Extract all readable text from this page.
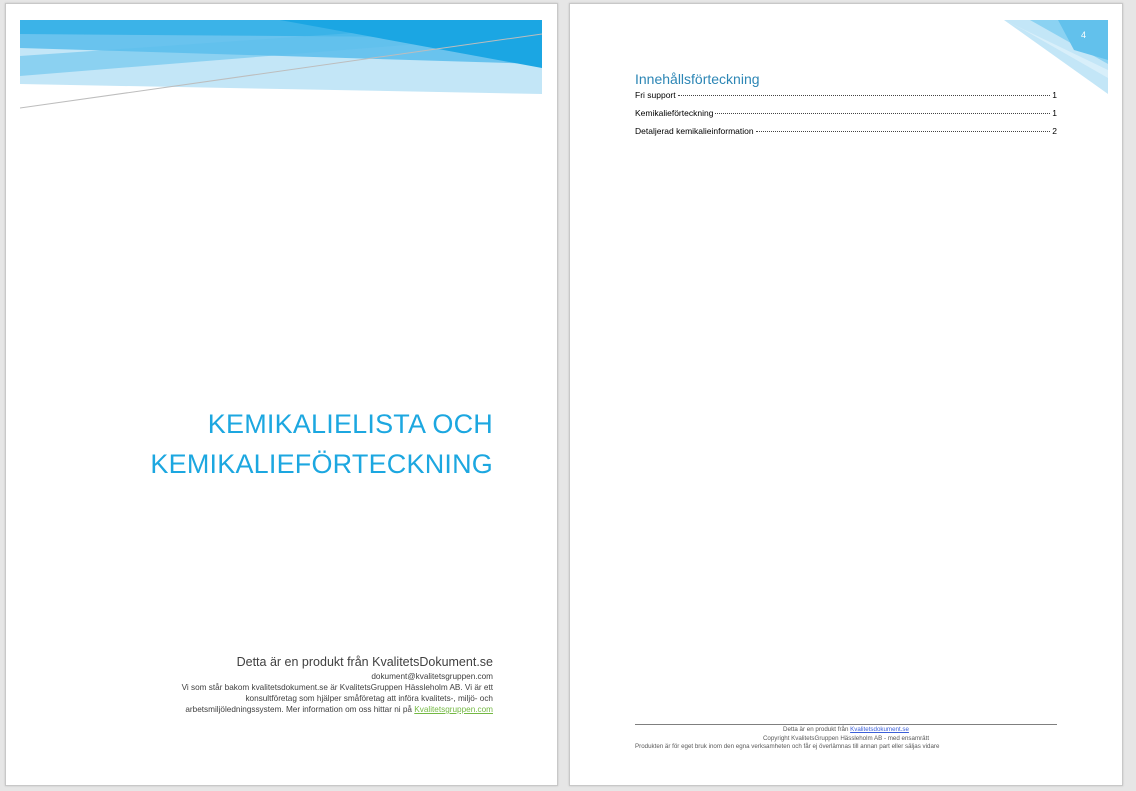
KEMIKALIELISTA OCH
KEMIKALIEFÖRTECKNING
Detta är en produkt från KvalitetsDokument.se
dokument@kvalitetsgruppen.com
Vi som står bakom kvalitetsdokument.se är KvalitetsGruppen Hässleholm AB. Vi är ett
konsultföretag som hjälper småföretag att införa kvalitets-, miljö- och
arbetsmiljöledningssystem. Mer information om oss hittar ni på Kvalitetsgruppen.com
4
Innehållsförteckning
Fri support	1
Kemikalieförteckning	1
Detaljerad kemikalieinformation	2
Detta är en produkt från Kvalitetsdokument.se
Copyright KvalitetsGruppen Hässleholm AB - med ensamrätt
Produkten är för eget bruk inom den egna verksamheten och får ej överlämnas till annan part eller säljas vidare
